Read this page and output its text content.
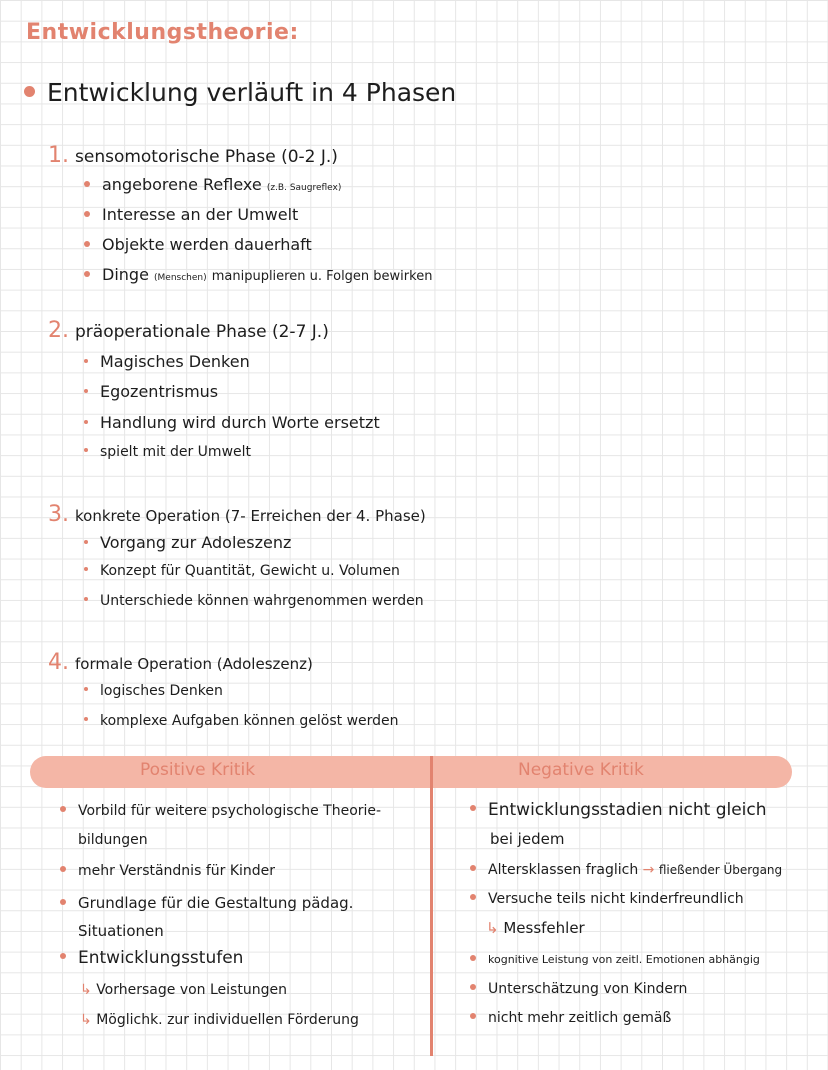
Entwicklungstheorie:
Entwicklung verläuft in 4 Phasen
1. sensomotorische Phase (0-2 J.)
angeborene Reflexe (z.B. Saugreflex)
Interesse an der Umwelt
Objekte werden dauerhaft
Dinge (Menschen) manipuplieren u. Folgen bewirken
2. präoperationale Phase (2-7 J.)
Magisches Denken
Egozentrismus
Handlung wird durch Worte ersetzt
spielt mit der Umwelt
3. konkrete Operation (7- Erreichen der 4. Phase)
Vorgang zur Adoleszenz
Konzept für Quantität, Gewicht u. Volumen
Unterschiede können wahrgenommen werden
4. formale Operation (Adoleszenz)
logisches Denken
komplexe Aufgaben können gelöst werden
Positive Kritik	Negative Kritik
Vorbild für weitere psychologische Theorie-
bildungen
mehr Verständnis für Kinder
Grundlage für die Gestaltung pädag.
Situationen
Entwicklungsstufen
↳ Vorhersage von Leistungen
↳ Möglichk. zur individuellen Förderung
Entwicklungsstadien nicht gleich
bei jedem
Altersklassen fraglich → fließender Übergang
Versuche teils nicht kinderfreundlich
↳ Messfehler
kognitive Leistung von zeitl. Emotionen abhängig
Unterschätzung von Kindern
nicht mehr zeitlich gemäß
